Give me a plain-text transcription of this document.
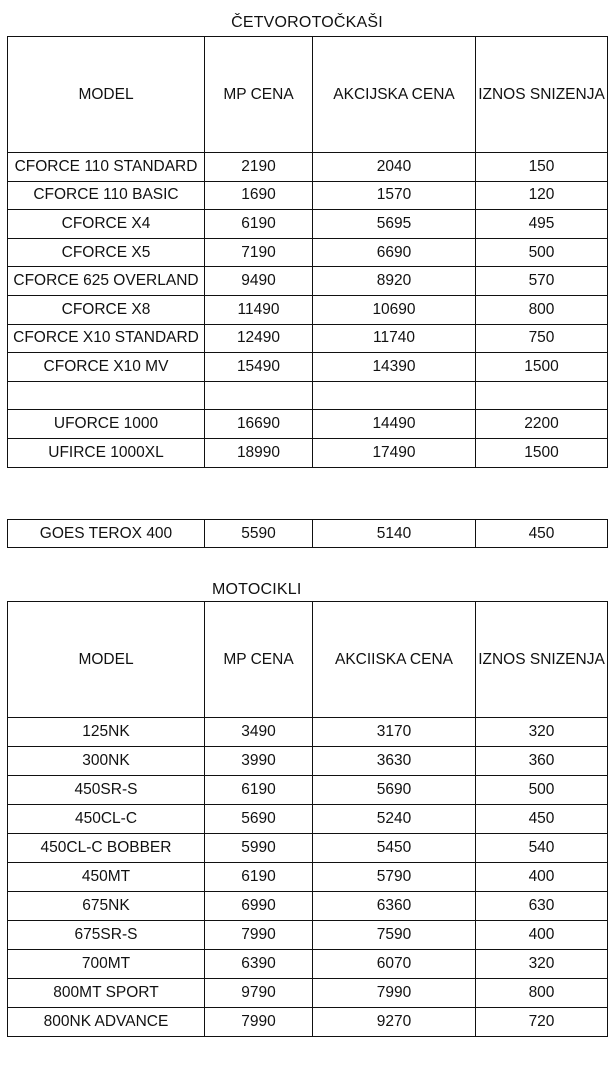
ČETVOROTOČKAŠI
MODEL	MP CENA	AKCIJSKA CENA	IZNOS SNIZENJA
CFORCE 110 STANDARD	2190	2040	150
CFORCE 110 BASIC	1690	1570	120
CFORCE X4	6190	5695	495
CFORCE X5	7190	6690	500
CFORCE 625 OVERLAND	9490	8920	570
CFORCE X8	11490	10690	800
CFORCE X10 STANDARD	12490	11740	750
CFORCE X10 MV	15490	14390	1500

UFORCE 1000	16690	14490	2200
UFIRCE 1000XL	18990	17490	1500
GOES TEROX 400	5590	5140	450
MOTOCIKLI
MODEL	MP CENA	AKCIISKA CENA	IZNOS SNIZENJA
125NK	3490	3170	320
300NK	3990	3630	360
450SR-S	6190	5690	500
450CL-C	5690	5240	450
450CL-C BOBBER	5990	5450	540
450MT	6190	5790	400
675NK	6990	6360	630
675SR-S	7990	7590	400
700MT	6390	6070	320
800MT SPORT	9790	7990	800
800NK ADVANCE	7990	9270	720
